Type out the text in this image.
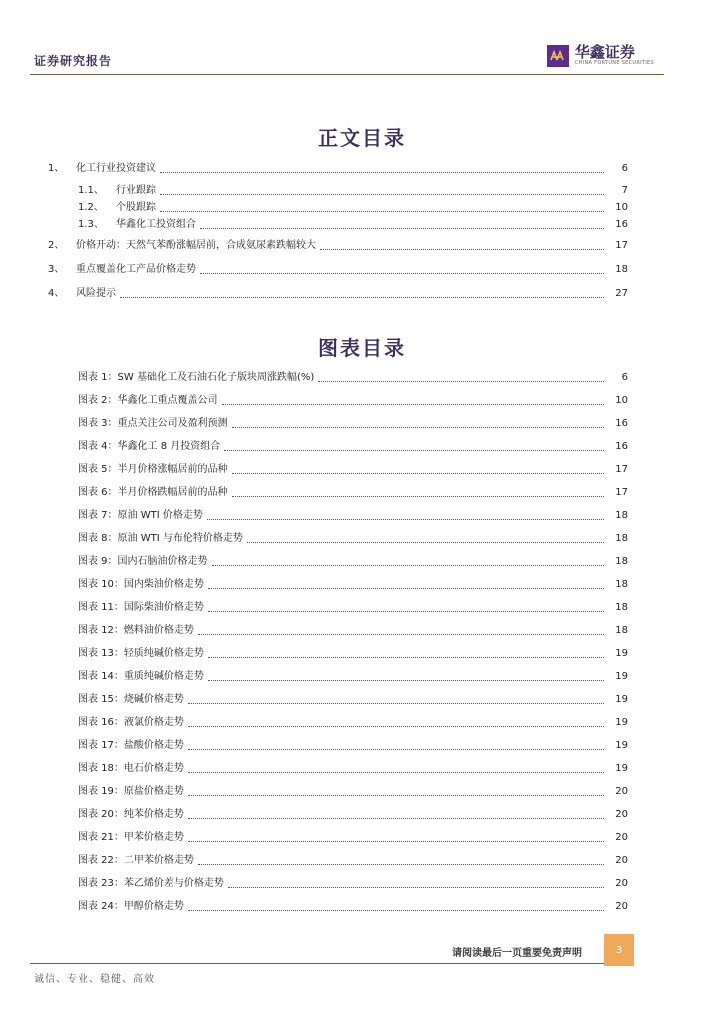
证券研究报告	华鑫证券
CHINA FORTUNE SECURITIES
正文目录
1、	化工行业投资建议	6
1.1、	行业跟踪	7
1.2、	个股跟踪	10
1.3、	华鑫化工投资组合	16
2、	价格开动：天然气苯酚涨幅居前，合成氨尿素跌幅较大	17
3、	重点覆盖化工产品价格走势	18
4、	风险提示	27
图表目录
图表 1：SW 基础化工及石油石化子版块周涨跌幅(%)	6
图表 2：华鑫化工重点覆盖公司	10
图表 3：重点关注公司及盈利预测	16
图表 4：华鑫化工 8 月投资组合	16
图表 5：半月价格涨幅居前的品种	17
图表 6：半月价格跌幅居前的品种	17
图表 7：原油 WTI 价格走势	18
图表 8：原油 WTI 与布伦特价格走势	18
图表 9：国内石脑油价格走势	18
图表 10：国内柴油价格走势	18
图表 11：国际柴油价格走势	18
图表 12：燃料油价格走势	18
图表 13：轻质纯碱价格走势	19
图表 14：重质纯碱价格走势	19
图表 15：烧碱价格走势	19
图表 16：液氯价格走势	19
图表 17：盐酸价格走势	19
图表 18：电石价格走势	19
图表 19：原盐价格走势	20
图表 20：纯苯价格走势	20
图表 21：甲苯价格走势	20
图表 22：二甲苯价格走势	20
图表 23：苯乙烯价差与价格走势	20
图表 24：甲醇价格走势	20
请阅读最后一页重要免责声明	3
诚信、专业、稳健、高效
